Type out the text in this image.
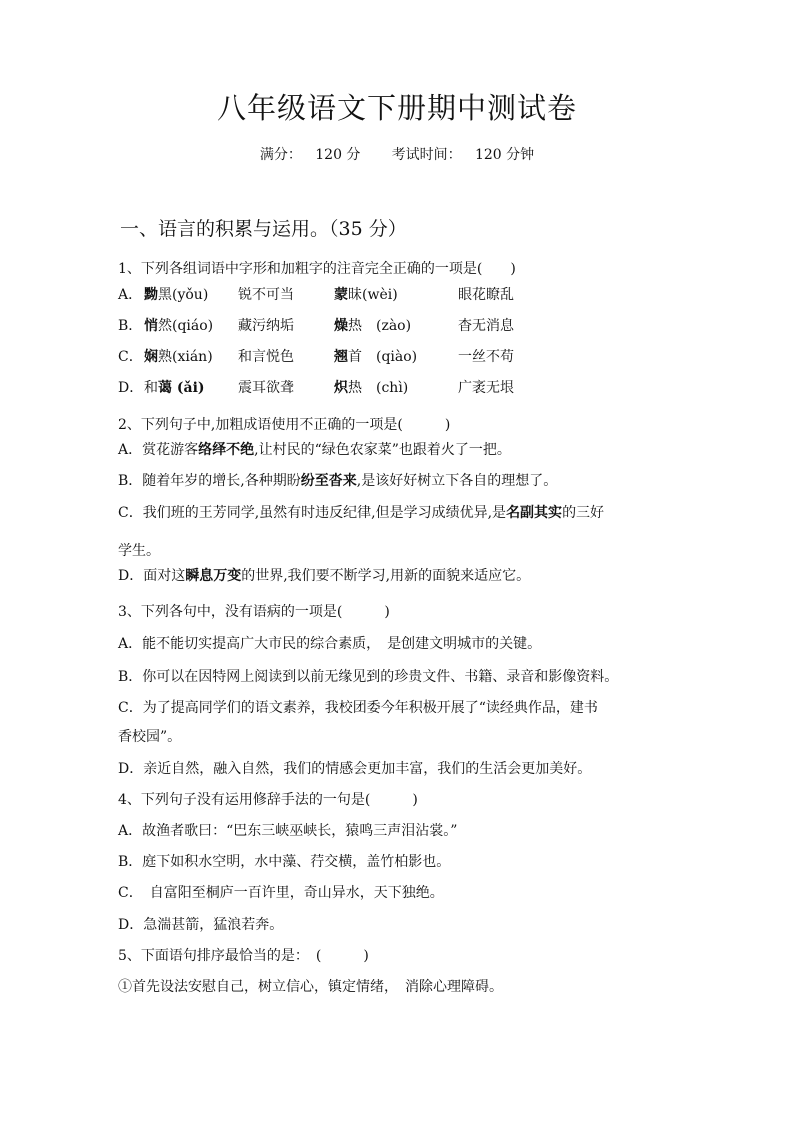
八年级语文下册期中测试卷
满分： 120 分 考试时间： 120 分钟
一、语言的积累与运用。（35 分）
1、下列各组词语中字形和加粗字的注音完全正确的一项是(　　)
A． 黝黑(yǒu) 锐不可当	蒙昧(wèi)	眼花瞭乱
B． 悄然(qiáo) 藏污纳垢	燥热　(zào)	杳无消息
C． 娴熟(xián) 和言悦色	翘首　(qiào)	一丝不苟
D． 和蔼 (ǎi) 震耳欲聋	炽热　(chì)	广袤无垠
2、下列句子中,加粗成语使用不正确的一项是(　　　)
A．赏花游客络绎不绝,让村民的“绿色农家菜”也跟着火了一把。
B．随着年岁的增长,各种期盼纷至沓来,是该好好树立下各自的理想了。
C．我们班的王芳同学,虽然有时违反纪律,但是学习成绩优异,是名副其实的三好
学生。
D．面对这瞬息万变的世界,我们要不断学习,用新的面貌来适应它。
3、下列各句中，没有语病的一项是(　　　)
A．能不能切实提高广大市民的综合素质，　是创建文明城市的关键。
B．你可以在因特网上阅读到以前无缘见到的珍贵文件、书籍、录音和影像资料。
C．为了提高同学们的语文素养，我校团委今年积极开展了“读经典作品，建书
香校园”。
D．亲近自然，融入自然，我们的情感会更加丰富，我们的生活会更加美好。
4、下列句子没有运用修辞手法的一句是(　　　)
A．故渔者歌曰：“巴东三峡巫峡长，猿鸣三声泪沾裳。”
B．庭下如积水空明，水中藻、荇交横，盖竹柏影也。
C．　自富阳至桐庐一百许里，奇山异水，天下独绝。
D．急湍甚箭，猛浪若奔。
5、下面语句排序最恰当的是：　(　　　)
①首先设法安慰自己，树立信心，镇定情绪，　消除心理障碍。
